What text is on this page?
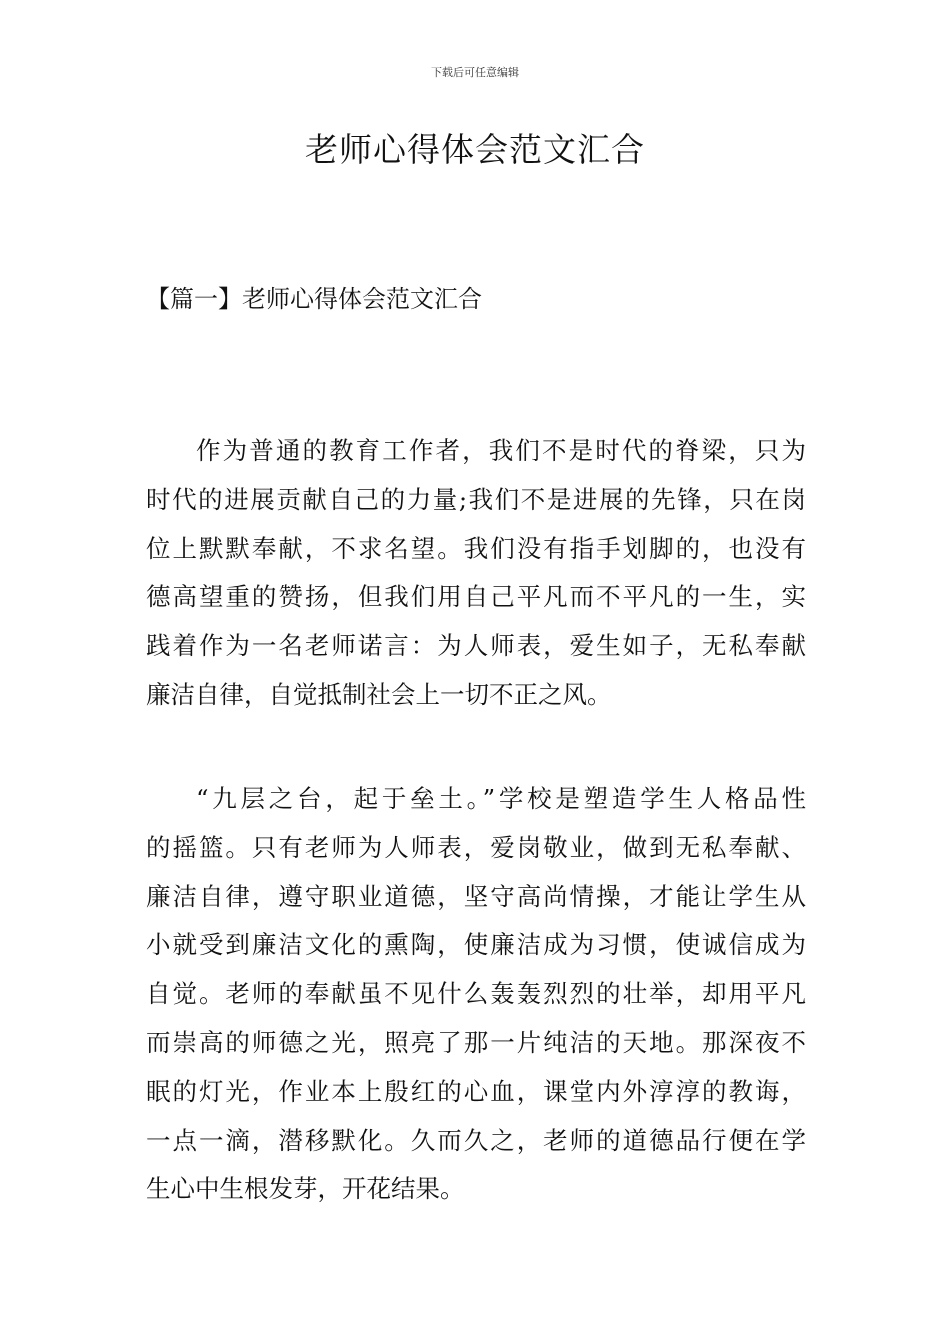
下载后可任意编辑
老师心得体会范文汇合
【篇一】老师心得体会范文汇合
作为普通的教育工作者，我们不是时代的脊梁，只为
时代的进展贡献自己的力量;我们不是进展的先锋，只在岗
位上默默奉献，不求名望。我们没有指手划脚的，也没有
德高望重的赞扬，但我们用自己平凡而不平凡的一生，实
践着作为一名老师诺言：为人师表，爱生如子，无私奉献
廉洁自律，自觉抵制社会上一切不正之风。
“九层之台，起于垒土。”学校是塑造学生人格品性
的摇篮。只有老师为人师表，爱岗敬业，做到无私奉献、
廉洁自律，遵守职业道德，坚守高尚情操，才能让学生从
小就受到廉洁文化的熏陶，使廉洁成为习惯，使诚信成为
自觉。老师的奉献虽不见什么轰轰烈烈的壮举，却用平凡
而崇高的师德之光，照亮了那一片纯洁的天地。那深夜不
眠的灯光，作业本上殷红的心血，课堂内外淳淳的教诲，
一点一滴，潜移默化。久而久之，老师的道德品行便在学
生心中生根发芽，开花结果。
